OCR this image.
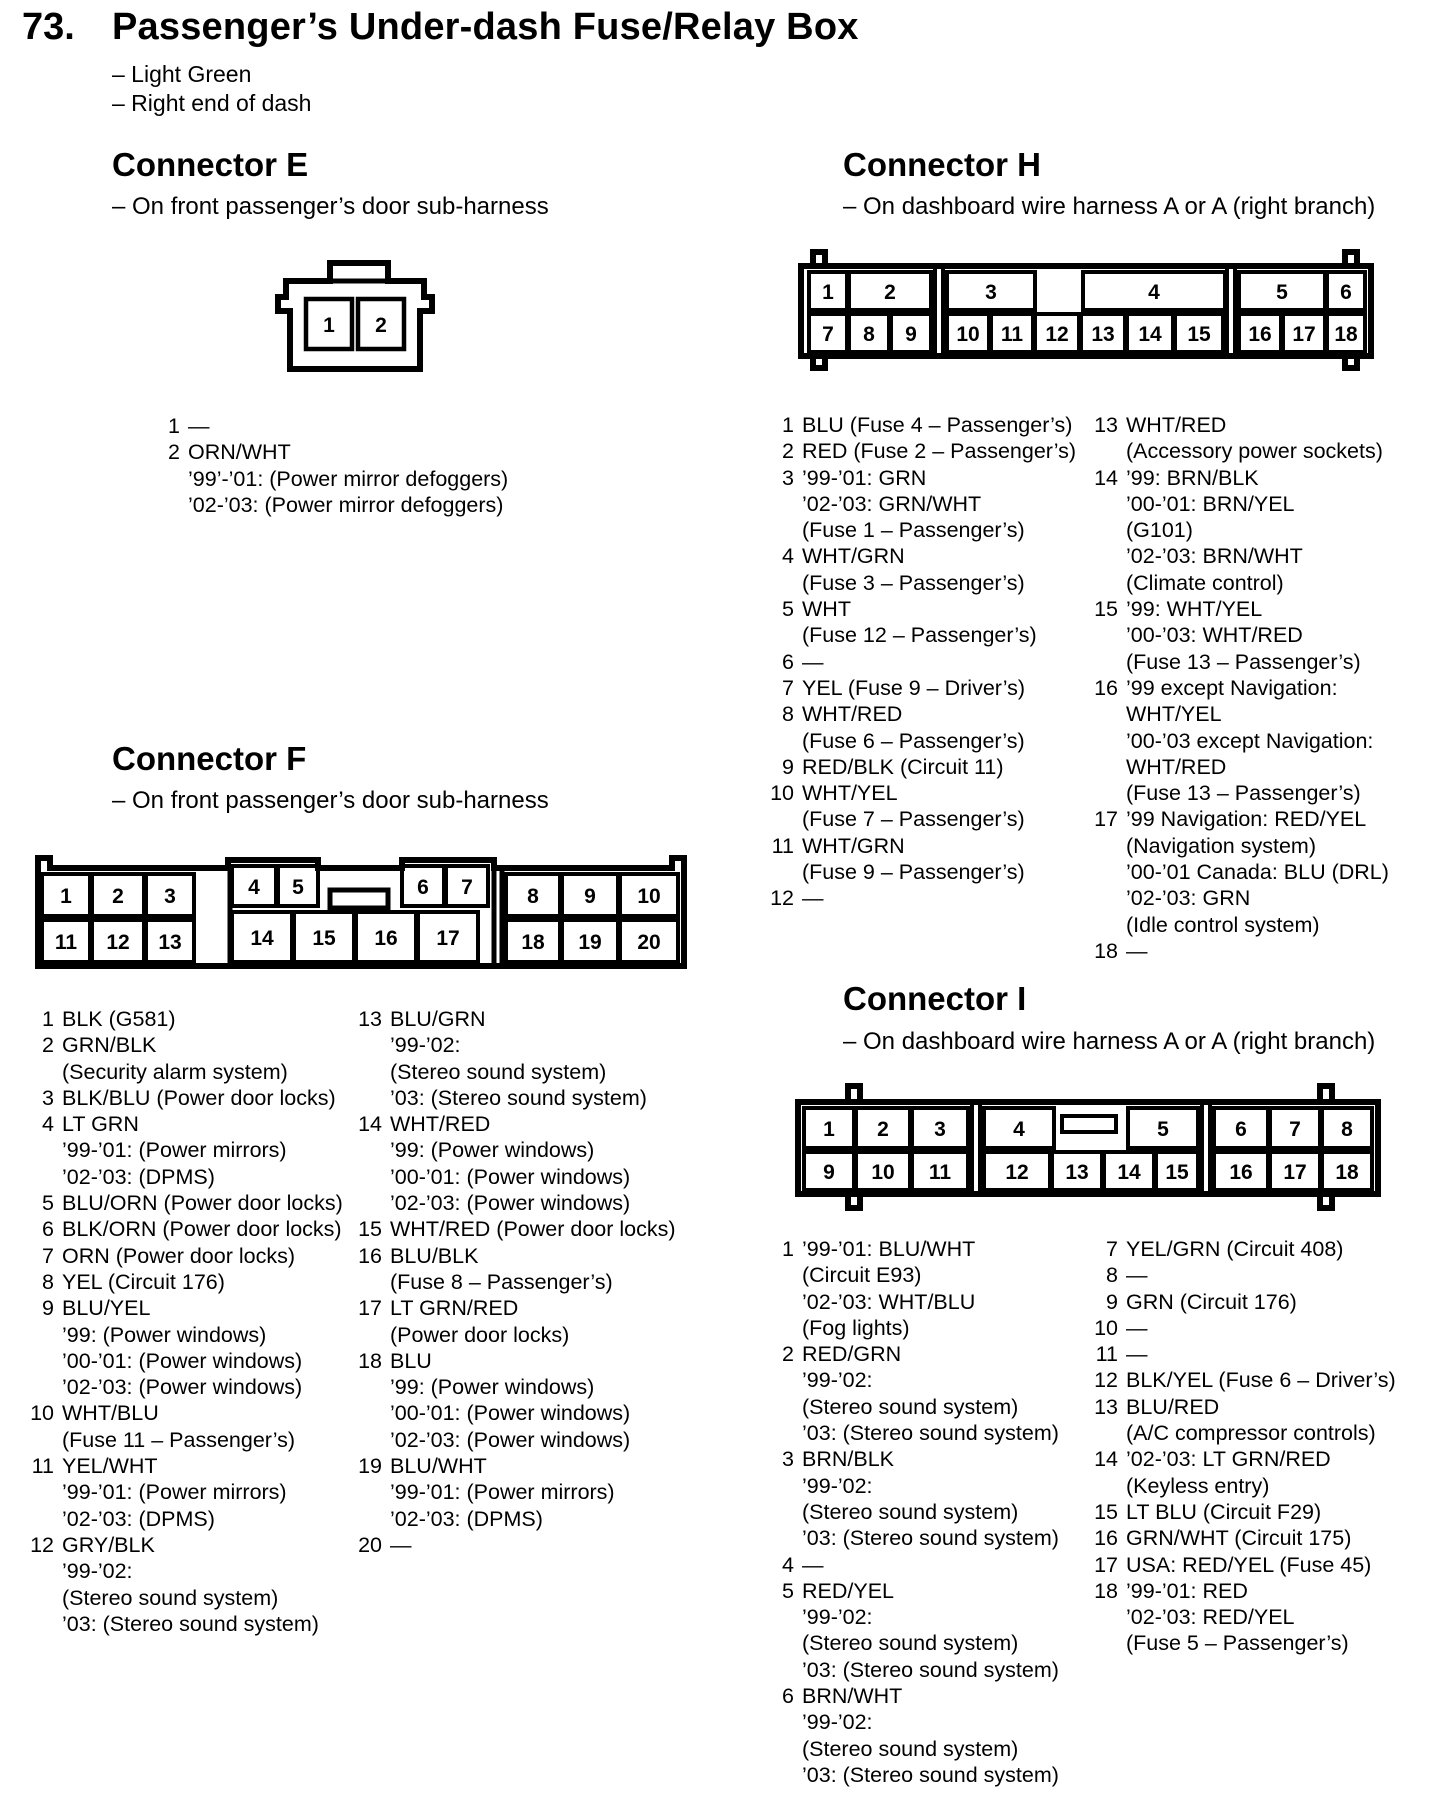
73. Passenger’s Under-dash Fuse/Relay Box
– Light Green
– Right end of dash
Connector E
– On front passenger’s door sub-harness
1 2
1 —
2 ORN/WHT
’99’-’01: (Power mirror defoggers)
’02-’03: (Power mirror defoggers)
Connector F
– On front passenger’s door sub-harness
1 2 3	4 5	6 7	8 9 10
11 12 13	14 15 16 17	18 19 20
1 BLK (G581)
2 GRN/BLK
(Security alarm system)
3 BLK/BLU (Power door locks)
4 LT GRN
’99-’01: (Power mirrors)
’02-’03: (DPMS)
5 BLU/ORN (Power door locks)
6 BLK/ORN (Power door locks)
7 ORN (Power door locks)
8 YEL (Circuit 176)
9 BLU/YEL
’99: (Power windows)
’00-’01: (Power windows)
’02-’03: (Power windows)
10 WHT/BLU
(Fuse 11 – Passenger’s)
11 YEL/WHT
’99-’01: (Power mirrors)
’02-’03: (DPMS)
12 GRY/BLK
’99-’02:
(Stereo sound system)
’03: (Stereo sound system)
13 BLU/GRN
’99-’02:
(Stereo sound system)
’03: (Stereo sound system)
14 WHT/RED
’99: (Power windows)
’00-’01: (Power windows)
’02-’03: (Power windows)
15 WHT/RED (Power door locks)
16 BLU/BLK
(Fuse 8 – Passenger’s)
17 LT GRN/RED
(Power door locks)
18 BLU
’99: (Power windows)
’00-’01: (Power windows)
’02-’03: (Power windows)
19 BLU/WHT
’99-’01: (Power mirrors)
’02-’03: (DPMS)
20 —
Connector H
– On dashboard wire harness A or A (right branch)
1 2	3	4	5 6
7 8 9 10 11 12 13 14 15 16 17 18
1 BLU (Fuse 4 – Passenger’s)
2 RED (Fuse 2 – Passenger’s)
3 ’99-’01: GRN
’02-’03: GRN/WHT
(Fuse 1 – Passenger’s)
4 WHT/GRN
(Fuse 3 – Passenger’s)
5 WHT
(Fuse 12 – Passenger’s)
6 —
7 YEL (Fuse 9 – Driver’s)
8 WHT/RED
(Fuse 6 – Passenger’s)
9 RED/BLK (Circuit 11)
10 WHT/YEL
(Fuse 7 – Passenger’s)
11 WHT/GRN
(Fuse 9 – Passenger’s)
12 —
13 WHT/RED
(Accessory power sockets)
14 ’99: BRN/BLK
’00-’01: BRN/YEL
(G101)
’02-’03: BRN/WHT
(Climate control)
15 ’99: WHT/YEL
’00-’03: WHT/RED
(Fuse 13 – Passenger’s)
16 ’99 except Navigation:
WHT/YEL
’00-’03 except Navigation:
WHT/RED
(Fuse 13 – Passenger’s)
17 ’99 Navigation: RED/YEL
(Navigation system)
’00-’01 Canada: BLU (DRL)
’02-’03: GRN
(Idle control system)
18 —
Connector I
– On dashboard wire harness A or A (right branch)
1 2 3	4	5	6 7 8
9 10 11	12 13 14 15 16 17 18
1 ’99-’01: BLU/WHT
(Circuit E93)
’02-’03: WHT/BLU
(Fog lights)
2 RED/GRN
’99-’02:
(Stereo sound system)
’03: (Stereo sound system)
3 BRN/BLK
’99-’02:
(Stereo sound system)
’03: (Stereo sound system)
4 —
5 RED/YEL
’99-’02:
(Stereo sound system)
’03: (Stereo sound system)
6 BRN/WHT
’99-’02:
(Stereo sound system)
’03: (Stereo sound system)
7 YEL/GRN (Circuit 408)
8 —
9 GRN (Circuit 176)
10 —
11 —
12 BLK/YEL (Fuse 6 – Driver’s)
13 BLU/RED
(A/C compressor controls)
14 ’02-’03: LT GRN/RED
(Keyless entry)
15 LT BLU (Circuit F29)
16 GRN/WHT (Circuit 175)
17 USA: RED/YEL (Fuse 45)
18 ’99-’01: RED
’02-’03: RED/YEL
(Fuse 5 – Passenger’s)
